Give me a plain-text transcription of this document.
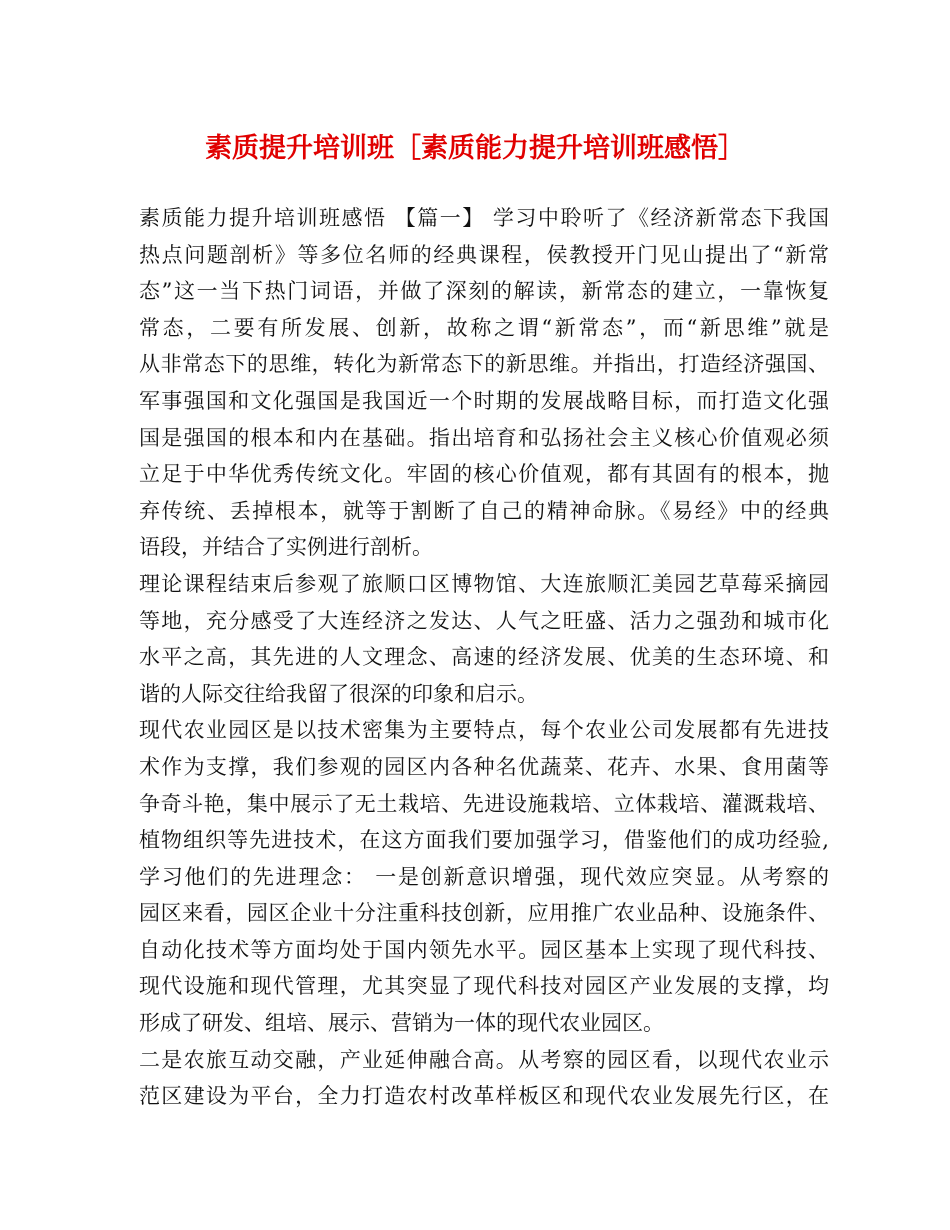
素质提升培训班［素质能力提升培训班感悟］
素质能力提升培训班感悟 【篇一】 学习中聆听了《经济新常态下我国
热点问题剖析》等多位名师的经典课程，侯教授开门见山提出了“新常
态”这一当下热门词语，并做了深刻的解读，新常态的建立，一靠恢复
常态，二要有所发展、创新，故称之谓“新常态”，而“新思维”就是
从非常态下的思维，转化为新常态下的新思维。并指出，打造经济强国、
军事强国和文化强国是我国近一个时期的发展战略目标，而打造文化强
国是强国的根本和内在基础。指出培育和弘扬社会主义核心价值观必须
立足于中华优秀传统文化。牢固的核心价值观，都有其固有的根本，抛
弃传统、丢掉根本，就等于割断了自己的精神命脉。《易经》中的经典
语段，并结合了实例进行剖析。
理论课程结束后参观了旅顺口区博物馆、大连旅顺汇美园艺草莓采摘园
等地，充分感受了大连经济之发达、人气之旺盛、活力之强劲和城市化
水平之高，其先进的人文理念、高速的经济发展、优美的生态环境、和
谐的人际交往给我留了很深的印象和启示。
现代农业园区是以技术密集为主要特点，每个农业公司发展都有先进技
术作为支撑，我们参观的园区内各种名优蔬菜、花卉、水果、食用菌等
争奇斗艳，集中展示了无土栽培、先进设施栽培、立体栽培、灌溉栽培、
植物组织等先进技术，在这方面我们要加强学习，借鉴他们的成功经验,
学习他们的先进理念： 一是创新意识增强，现代效应突显。从考察的
园区来看，园区企业十分注重科技创新，应用推广农业品种、设施条件、
自动化技术等方面均处于国内领先水平。园区基本上实现了现代科技、
现代设施和现代管理，尤其突显了现代科技对园区产业发展的支撑，均
形成了研发、组培、展示、营销为一体的现代农业园区。
二是农旅互动交融，产业延伸融合高。从考察的园区看，以现代农业示
范区建设为平台，全力打造农村改革样板区和现代农业发展先行区，在
